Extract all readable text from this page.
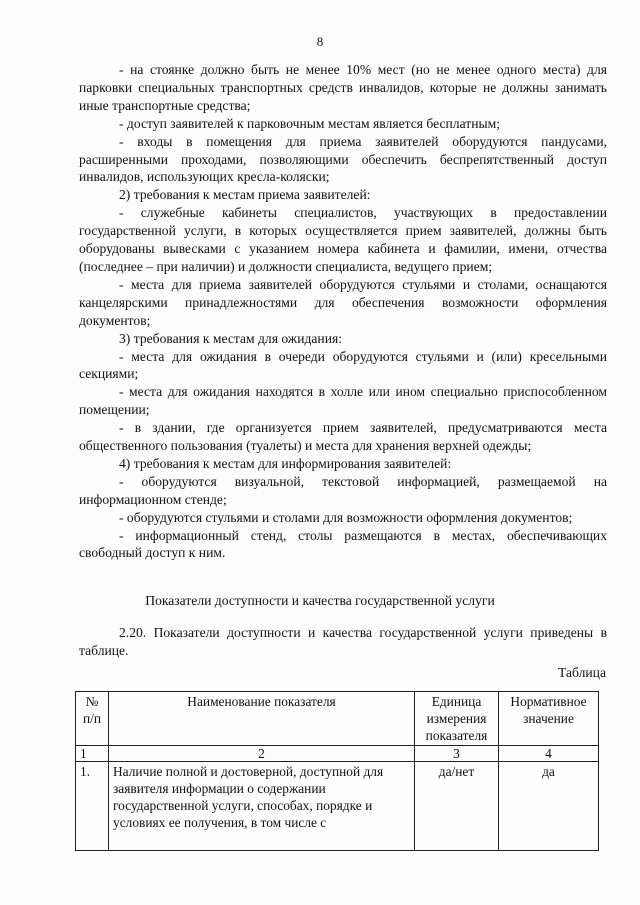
8

- на стоянке должно быть не менее 10% мест (но не менее одного места) для парковки специальных транспортных средств инвалидов, которые не должны занимать иные транспортные средства;

- доступ заявителей к парковочным местам является бесплатным;

- входы в помещения для приема заявителей оборудуются пандусами, расширенными проходами, позволяющими обеспечить беспрепятственный доступ инвалидов, использующих кресла-коляски;

2) требования к местам приема заявителей:

- служебные кабинеты специалистов, участвующих в предоставлении государственной услуги, в которых осуществляется прием заявителей, должны быть оборудованы вывесками с указанием номера кабинета и фамилии, имени, отчества (последнее – при наличии) и должности специалиста, ведущего прием;

- места для приема заявителей оборудуются стульями и столами, оснащаются канцелярскими принадлежностями для обеспечения возможности оформления документов;

3) требования к местам для ожидания:

- места для ожидания в очереди оборудуются стульями и (или) кресельными секциями;

- места для ожидания находятся в холле или ином специально приспособленном помещении;

- в здании, где организуется прием заявителей, предусматриваются места общественного пользования (туалеты) и места для хранения верхней одежды;

4) требования к местам для информирования заявителей:

- оборудуются визуальной, текстовой информацией, размещаемой на информационном стенде;

- оборудуются стульями и столами для возможности оформления документов;

- информационный стенд, столы размещаются в местах, обеспечивающих свободный доступ к ним.

Показатели доступности и качества государственной услуги
2.20. Показатели доступности и качества государственной услуги приведены в таблице.
Таблица
№ п/п	Наименование показателя	Единица измерения показателя	Нормативное значение
1	2	3	4
1.	Наличие полной и достоверной, доступной для заявителя информации о содержании государственной услуги, способах, порядке и условиях ее получения, в том числе с	да/нет	да
